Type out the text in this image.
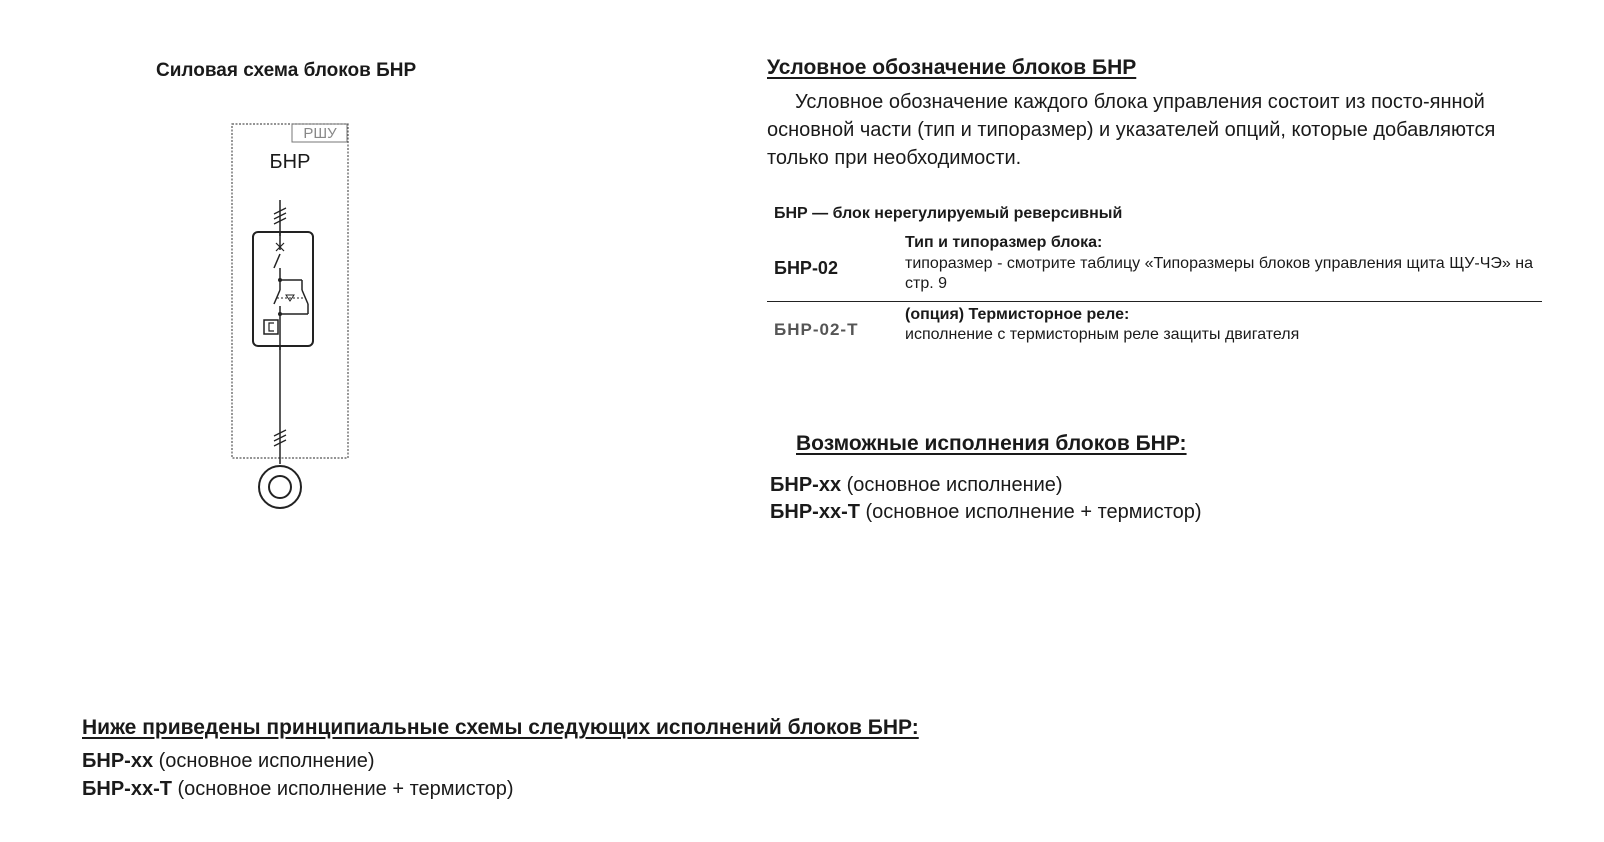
Силовая схема блоков БНР
РШУ
БНР
Условное обозначение блоков БНР
Условное обозначение каждого блока управления состоит из посто-янной основной части (тип и типоразмер) и указателей опций, которые добавляются только при необходимости.
БНР — блок нерегулируемый реверсивный
БНР-02
Тип и типоразмер блока:
типоразмер - смотрите таблицу «Типоразмеры блоков управления щита ЩУ-ЧЭ» на стр. 9
БНР-02-Т
(опция) Термисторное реле:
исполнение с термисторным реле защиты двигателя
Возможные исполнения блоков БНР:
БНР-хх (основное исполнение)
БНР-хх-Т (основное исполнение + термистор)
Ниже приведены принципиальные схемы следующих исполнений блоков БНР:
БНР-хх (основное исполнение)
БНР-хх-Т (основное исполнение + термистор)
